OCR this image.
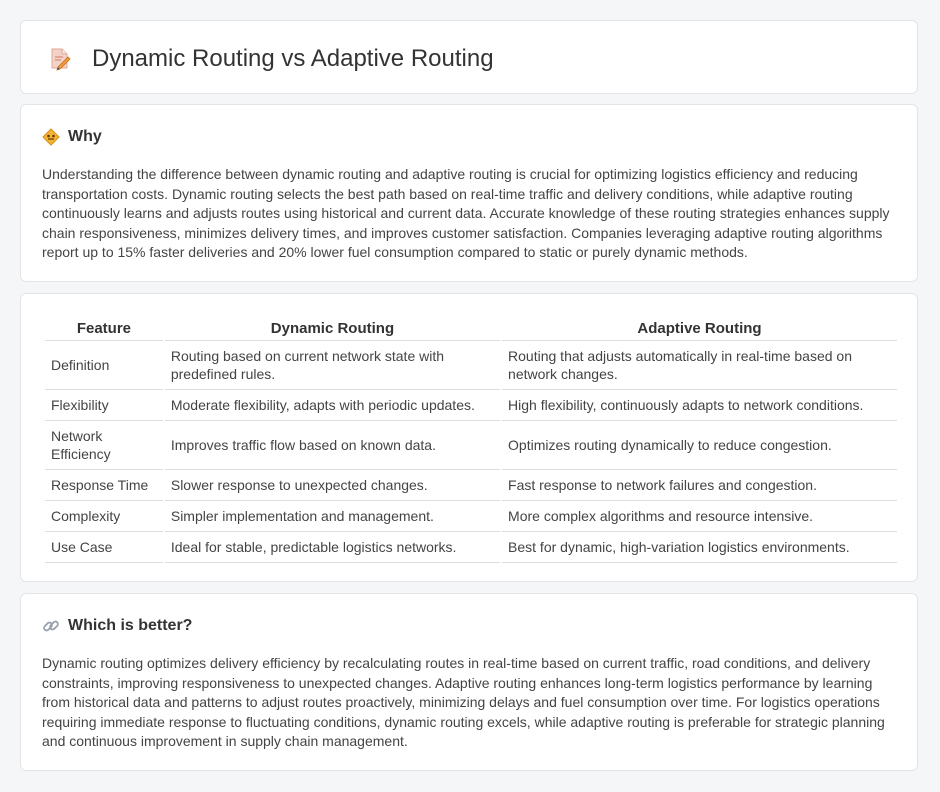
Dynamic Routing vs Adaptive Routing
Why

Understanding the difference between dynamic routing and adaptive routing is crucial for optimizing logistics efficiency and reducing transportation costs. Dynamic routing selects the best path based on real-time traffic and delivery conditions, while adaptive routing continuously learns and adjusts routes using historical and current data. Accurate knowledge of these routing strategies enhances supply chain responsiveness, minimizes delivery times, and improves customer satisfaction. Companies leveraging adaptive routing algorithms report up to 15% faster deliveries and 20% lower fuel consumption compared to static or purely dynamic methods.

Feature	Dynamic Routing	Adaptive Routing
Definition	Routing based on current network state with predefined rules.	Routing that adjusts automatically in real-time based on network changes.
Flexibility	Moderate flexibility, adapts with periodic updates.	High flexibility, continuously adapts to network conditions.
Network Efficiency	Improves traffic flow based on known data.	Optimizes routing dynamically to reduce congestion.
Response Time	Slower response to unexpected changes.	Fast response to network failures and congestion.
Complexity	Simpler implementation and management.	More complex algorithms and resource intensive.
Use Case	Ideal for stable, predictable logistics networks.	Best for dynamic, high-variation logistics environments.
Which is better?

Dynamic routing optimizes delivery efficiency by recalculating routes in real-time based on current traffic, road conditions, and delivery constraints, improving responsiveness to unexpected changes. Adaptive routing enhances long-term logistics performance by learning from historical data and patterns to adjust routes proactively, minimizing delays and fuel consumption over time. For logistics operations requiring immediate response to fluctuating conditions, dynamic routing excels, while adaptive routing is preferable for strategic planning and continuous improvement in supply chain management.
